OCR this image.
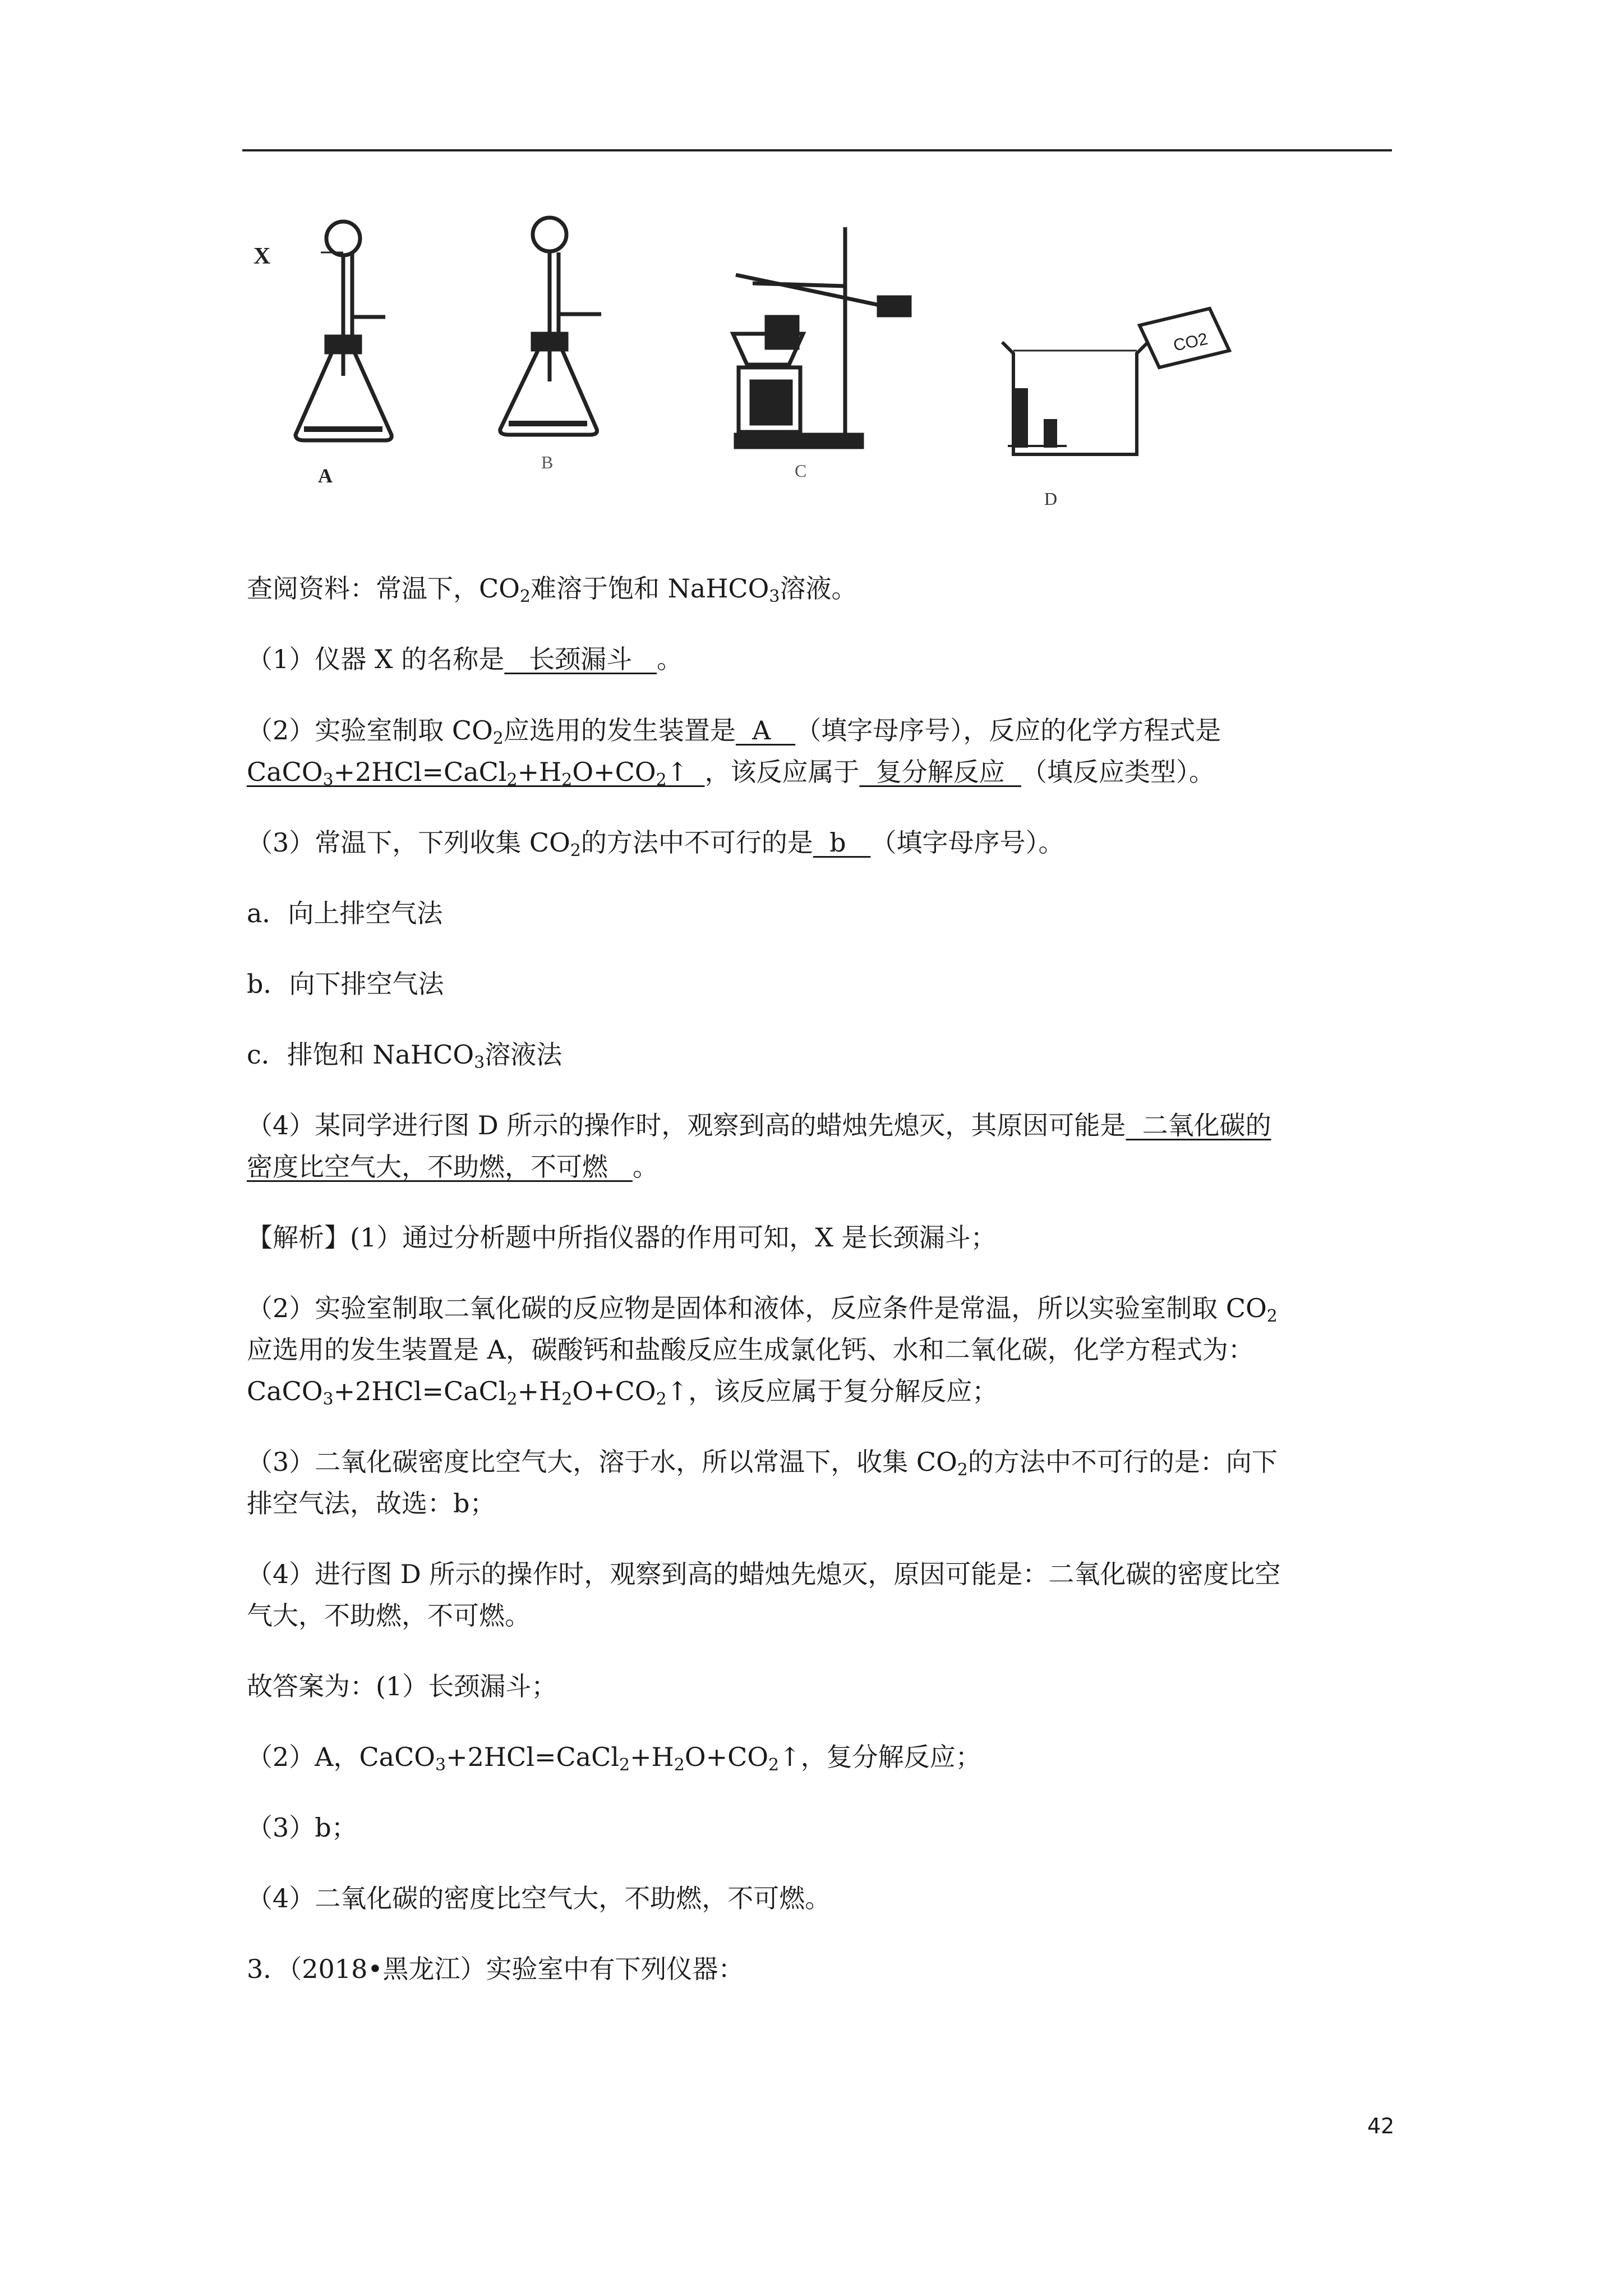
X
A
B	C
CO2
D
查阅资料：常温下，$CO_2$难溶于饱和 NaHCO$_3$溶液。
（1）仪器 X 的名称是   长颈漏斗   。
（2）实验室制取 $CO_2$应选用的发生装置是  A   （填字母序号），反应的化学方程式是
$CaCO_3+2HCl=CaCl_2+H_2O+CO_2↑$  ，该反应属于  复分解反应  （填反应类型）。
（3）常温下，下列收集 $CO_2$的方法中不可行的是  b   （填字母序号）。
a．向上排空气法
b．向下排空气法
c．排饱和 NaHCO$_3$溶液法
（4）某同学进行图 D 所示的操作时，观察到高的蜡烛先熄灭，其原因可能是  二氧化碳的
密度比空气大，不助燃，不可燃   。
【解析】(1）通过分析题中所指仪器的作用可知，X 是长颈漏斗；
（2）实验室制取二氧化碳的反应物是固体和液体，反应条件是常温，所以实验室制取 $CO_2$
应选用的发生装置是 A，碳酸钙和盐酸反应生成氯化钙、水和二氧化碳，化学方程式为：
$CaCO_3+2HCl=CaCl_2+H_2O+CO_2↑$，该反应属于复分解反应；
（3）二氧化碳密度比空气大，溶于水，所以常温下，收集 $CO_2$的方法中不可行的是：向下
排空气法，故选：b；
（4）进行图 D 所示的操作时，观察到高的蜡烛先熄灭，原因可能是：二氧化碳的密度比空
气大，不助燃，不可燃。
故答案为：(1）长颈漏斗；
（2）A，$CaCO_3+2HCl=CaCl_2+H_2O+CO_2↑$，复分解反应；
（3）b；
（4）二氧化碳的密度比空气大，不助燃，不可燃。
3．（2018•黑龙江）实验室中有下列仪器：
42
